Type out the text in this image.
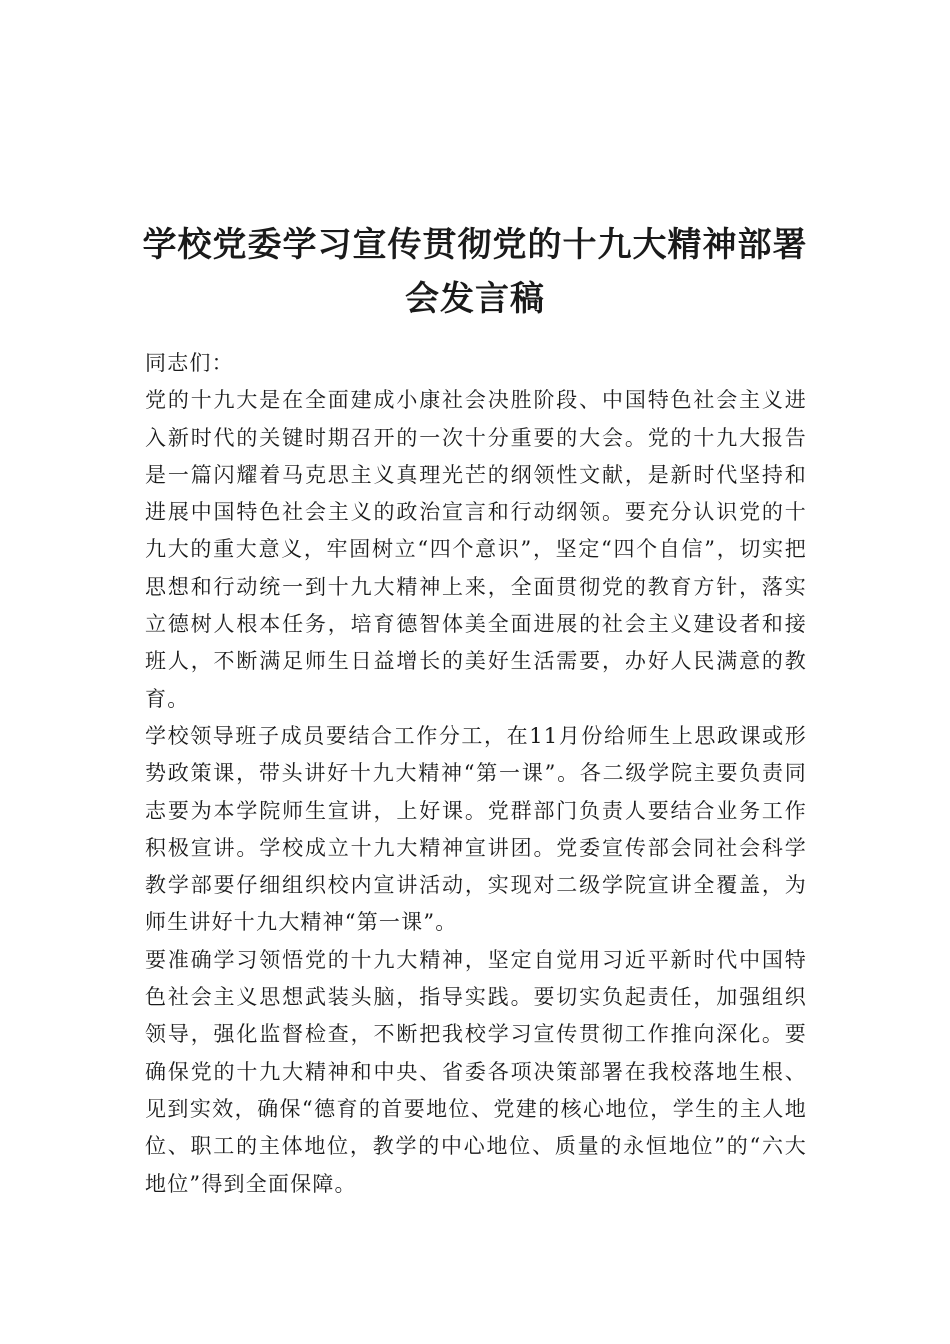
学校党委学习宣传贯彻党的十九大精神部署会发言稿

同志们：

党的十九大是在全面建成小康社会决胜阶段、中国特色社会主义进入新时代的关键时期召开的一次十分重要的大会。党的十九大报告是一篇闪耀着马克思主义真理光芒的纲领性文献，是新时代坚持和进展中国特色社会主义的政治宣言和行动纲领。要充分认识党的十九大的重大意义，牢固树立“四个意识”，坚定“四个自信”，切实把思想和行动统一到十九大精神上来，全面贯彻党的教育方针，落实立德树人根本任务，培育德智体美全面进展的社会主义建设者和接班人，不断满足师生日益增长的美好生活需要，办好人民满意的教育。

学校领导班子成员要结合工作分工，在11月份给师生上思政课或形势政策课，带头讲好十九大精神“第一课”。各二级学院主要负责同志要为本学院师生宣讲，上好课。党群部门负责人要结合业务工作积极宣讲。学校成立十九大精神宣讲团。党委宣传部会同社会科学教学部要仔细组织校内宣讲活动，实现对二级学院宣讲全覆盖，为师生讲好十九大精神“第一课”。

要准确学习领悟党的十九大精神，坚定自觉用习近平新时代中国特色社会主义思想武装头脑，指导实践。要切实负起责任，加强组织领导，强化监督检查，不断把我校学习宣传贯彻工作推向深化。要确保党的十九大精神和中央、省委各项决策部署在我校落地生根、见到实效，确保“德育的首要地位、党建的核心地位，学生的主人地位、职工的主体地位，教学的中心地位、质量的永恒地位”的“六大地位”得到全面保障。
